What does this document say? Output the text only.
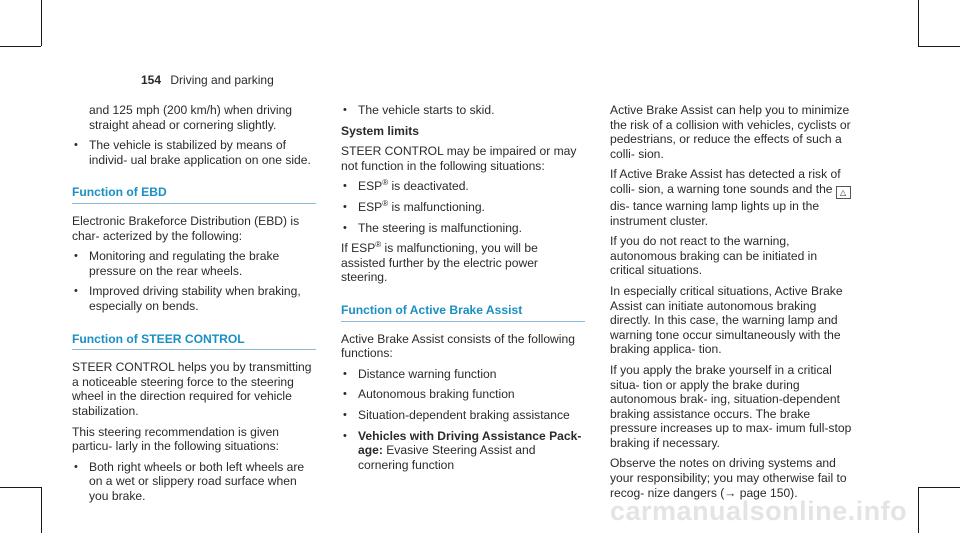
154 Driving and parking

and 125 mph (200 km/h) when driving straight ahead or cornering slightly.

• The vehicle is stabilized by means of individ- ual brake application on one side.
Function of EBD

Electronic Brakeforce Distribution (EBD) is char- acterized by the following:

• Monitoring and regulating the brake pressure on the rear wheels.
• Improved driving stability when braking, especially on bends.
Function of STEER CONTROL

STEER CONTROL helps you by transmitting a noticeable steering force to the steering wheel in the direction required for vehicle stabilization.

This steering recommendation is given particu- larly in the following situations:

• Both right wheels or both left wheels are on a wet or slippery road surface when you brake.
• The vehicle starts to skid.

System limits

STEER CONTROL may be impaired or may not function in the following situations:

• ESP® is deactivated.
• ESP® is malfunctioning.
• The steering is malfunctioning.

If ESP® is malfunctioning, you will be assisted further by the electric power steering.

Function of Active Brake Assist

Active Brake Assist consists of the following functions:

• Distance warning function
• Autonomous braking function
• Situation-dependent braking assistance
• Vehicles with Driving Assistance Pack- age: Evasive Steering Assist and cornering function

Active Brake Assist can help you to minimize the risk of a collision with vehicles, cyclists or pedestrians, or reduce the effects of such a colli- sion.

If Active Brake Assist has detected a risk of colli- sion, a warning tone sounds and the △dis- tance warning lamp lights up in the instrument cluster.

If you do not react to the warning, autonomous braking can be initiated in critical situations.

In especially critical situations, Active Brake Assist can initiate autonomous braking directly. In this case, the warning lamp and warning tone occur simultaneously with the braking applica- tion.

If you apply the brake yourself in a critical situa- tion or apply the brake during autonomous brak- ing, situation-dependent braking assistance occurs. The brake pressure increases up to max- imum full-stop braking if necessary.

Observe the notes on driving systems and your responsibility; you may otherwise fail to recog- nize dangers (→ page 150).

carmanualsonline.info
